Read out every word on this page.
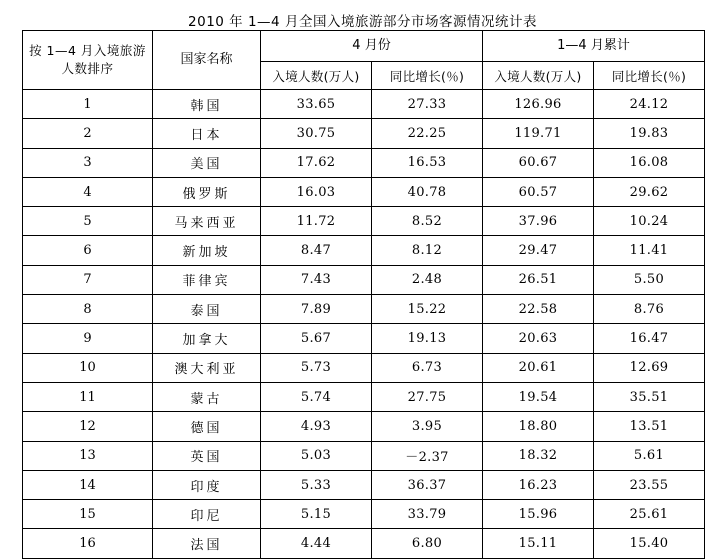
2010 年 1—4 月全国入境旅游部分市场客源情况统计表
按 1—4 月入境旅游人数排序	国家名称	4 月份		1—4 月累计	
		入境人数(万人)	同比增长(％)	入境人数(万人)	同比增长(％)
1	韩国	33.65	27.33	126.96	24.12
2	日本	30.75	22.25	119.71	19.83
3	美国	17.62	16.53	60.67	16.08
4	俄罗斯	16.03	40.78	60.57	29.62
5	马来西亚	11.72	8.52	37.96	10.24
6	新加坡	8.47	8.12	29.47	11.41
7	菲律宾	7.43	2.48	26.51	5.50
8	泰国	7.89	15.22	22.58	8.76
9	加拿大	5.67	19.13	20.63	16.47
10	澳大利亚	5.73	6.73	20.61	12.69
11	蒙古	5.74	27.75	19.54	35.51
12	德国	4.93	3.95	18.80	13.51
13	英国	5.03	－2.37	18.32	5.61
14	印度	5.33	36.37	16.23	23.55
15	印尼	5.15	33.79	15.96	25.61
16	法国	4.44	6.80	15.11	15.40
